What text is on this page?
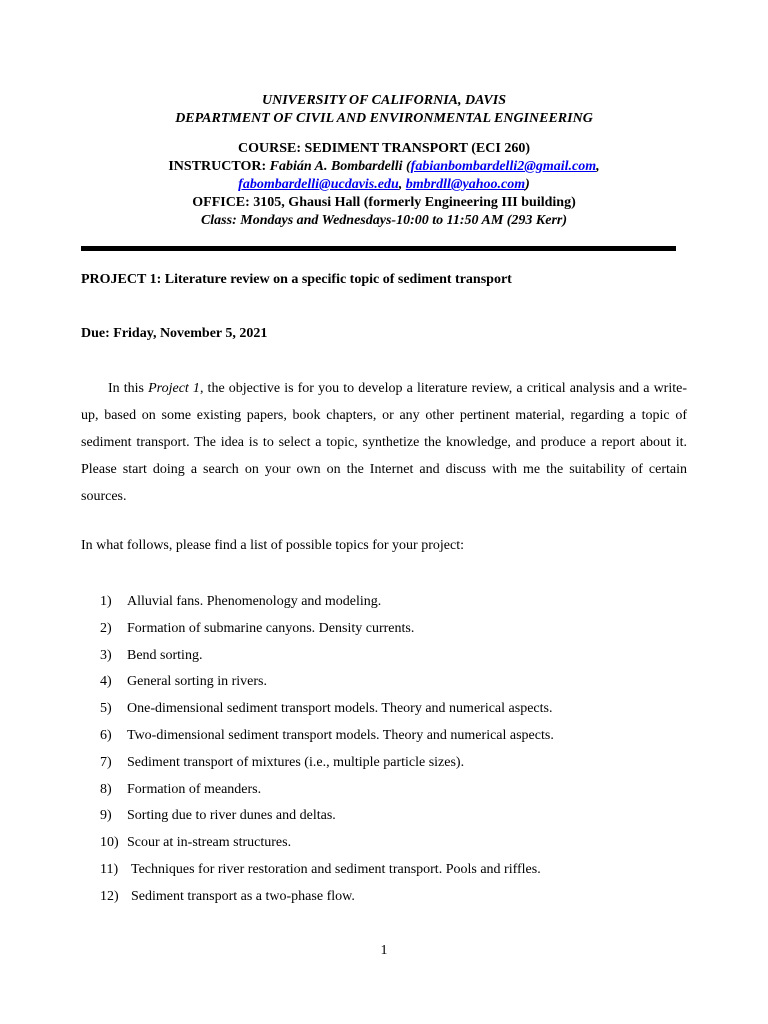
UNIVERSITY OF CALIFORNIA, DAVIS
DEPARTMENT OF CIVIL AND ENVIRONMENTAL ENGINEERING
COURSE: SEDIMENT TRANSPORT (ECI 260)
INSTRUCTOR: Fabián A. Bombardelli (fabianbombardelli2@gmail.com,
fabombardelli@ucdavis.edu, bmbrdll@yahoo.com)
OFFICE: 3105, Ghausi Hall (formerly Engineering III building)
Class: Mondays and Wednesdays-10:00 to 11:50 AM (293 Kerr)
PROJECT 1: Literature review on a specific topic of sediment transport
Due: Friday, November 5, 2021
In this Project 1, the objective is for you to develop a literature review, a critical analysis and a write-up, based on some existing papers, book chapters, or any other pertinent material, regarding a topic of sediment transport. The idea is to select a topic, synthetize the knowledge, and produce a report about it. Please start doing a search on your own on the Internet and discuss with me the suitability of certain sources.
In what follows, please find a list of possible topics for your project:
1) Alluvial fans. Phenomenology and modeling.
2) Formation of submarine canyons. Density currents.
3) Bend sorting.
4) General sorting in rivers.
5) One-dimensional sediment transport models. Theory and numerical aspects.
6) Two-dimensional sediment transport models. Theory and numerical aspects.
7) Sediment transport of mixtures (i.e., multiple particle sizes).
8) Formation of meanders.
9) Sorting due to river dunes and deltas.
10) Scour at in-stream structures.
11) Techniques for river restoration and sediment transport. Pools and riffles.
12) Sediment transport as a two-phase flow.
1
